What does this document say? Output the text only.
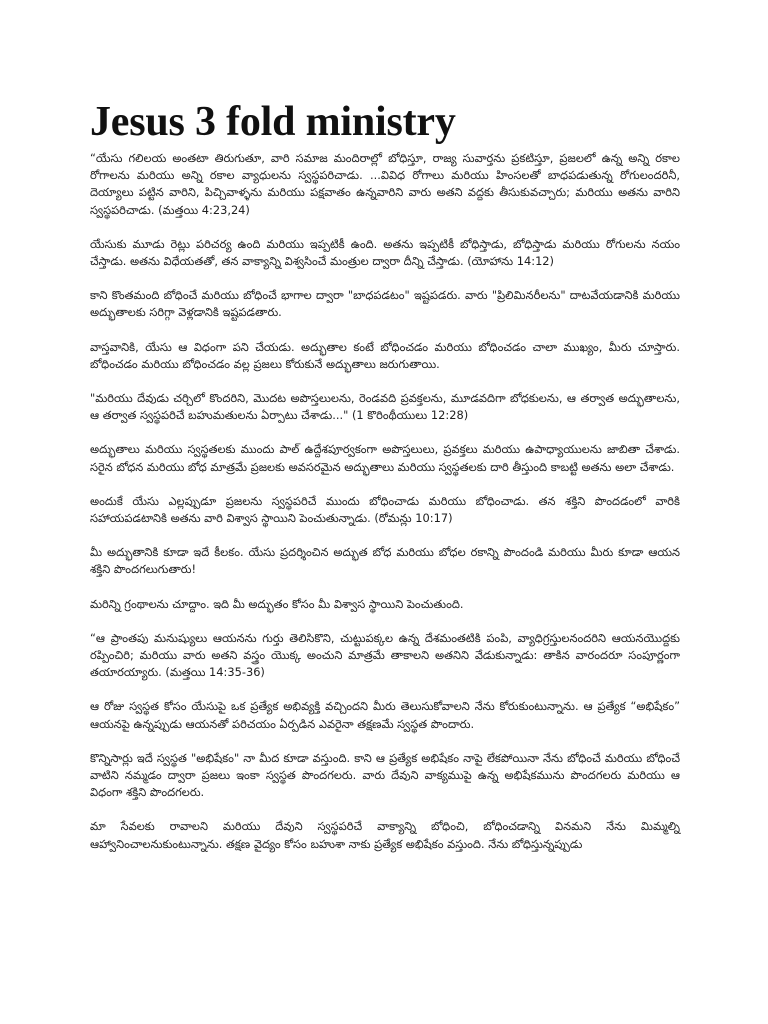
Jesus 3 fold ministry

“యేసు గలిలయ అంతటా తిరుగుతూ, వారి సమాజ మందిరాల్లో బోధిస్తూ, రాజ్య సువార్తను ప్రకటిస్తూ, ప్రజలలో ఉన్న అన్ని రకాల రోగాలను మరియు అన్ని రకాల వ్యాధులను స్వస్థపరిచాడు. ...వివిధ రోగాలు మరియు హింసలతో బాధపడుతున్న రోగులందరినీ, దెయ్యాలు పట్టిన వారిని, పిచ్చివాళ్ళను మరియు పక్షవాతం ఉన్నవారిని వారు అతని వద్దకు తీసుకువచ్చారు; మరియు అతను వారిని స్వస్థపరిచాడు. (మత్తయి 4:23,24)

యేసుకు మూడు రెట్లు పరిచర్య ఉంది మరియు ఇప్పటికీ ఉంది. అతను ఇప్పటికీ బోధిస్తాడు, బోధిస్తాడు మరియు రోగులను నయం చేస్తాడు. అతను విధేయతతో, తన వాక్యాన్ని విశ్వసించే మంత్రుల ద్వారా దీన్ని చేస్తాడు. (యోహాను 14:12)

కాని కొంతమంది బోధించే మరియు బోధించే భాగాల ద్వారా "బాధపడటం" ఇష్టపడరు. వారు "ప్రిలిమినరీలను" దాటవేయడానికి మరియు అద్భుతాలకు సరిగ్గా వెళ్లడానికి ఇష్టపడతారు.

వాస్తవానికి, యేసు ఆ విధంగా పని చేయడు. అద్భుతాల కంటే బోధించడం మరియు బోధించడం చాలా ముఖ్యం, మీరు చూస్తారు. బోధించడం మరియు బోధించడం వల్ల ప్రజలు కోరుకునే అద్భుతాలు జరుగుతాయి.

"మరియు దేవుడు చర్చిలో కొందరిని, మొదట అపొస్తలులను, రెండవది ప్రవక్తలను, మూడవదిగా బోధకులను, ఆ తర్వాత అద్భుతాలను, ఆ తర్వాత స్వస్థపరిచే బహుమతులను ఏర్పాటు చేశాడు..." (1 కొరింథీయులు 12:28)

అద్భుతాలు మరియు స్వస్థతలకు ముందు పాల్ ఉద్దేశపూర్వకంగా అపొస్తలులు, ప్రవక్తలు మరియు ఉపాధ్యాయులను జాబితా చేశాడు. సరైన బోధన మరియు బోధ మాత్రమే ప్రజలకు అవసరమైన అద్భుతాలు మరియు స్వస్థతలకు దారి తీస్తుంది కాబట్టి అతను అలా చేశాడు.

అందుకే యేసు ఎల్లప్పుడూ ప్రజలను స్వస్థపరిచే ముందు బోధించాడు మరియు బోధించాడు. తన శక్తిని పొందడంలో వారికి సహాయపడటానికి అతను వారి విశ్వాస స్థాయిని పెంచుతున్నాడు. (రోమన్లు 10:17)

మీ అద్భుతానికి కూడా ఇదే కీలకం. యేసు ప్రదర్శించిన అద్భుత బోధ మరియు బోధల రకాన్ని పొందండి మరియు మీరు కూడా ఆయన శక్తిని పొందగలుగుతారు!

మరిన్ని గ్రంథాలను చూద్దాం. ఇది మీ అద్భుతం కోసం మీ విశ్వాస స్థాయిని పెంచుతుంది.

“ఆ ప్రాంతపు మనుష్యులు ఆయనను గుర్తు తెలిసికొని, చుట్టుపక్కల ఉన్న దేశమంతటికి పంపి, వ్యాధిగ్రస్తులనందరిని ఆయనయొద్దకు రప్పించిరి; మరియు వారు అతని వస్త్రం యొక్క అంచుని మాత్రమే తాకాలని అతనిని వేడుకున్నాడు: తాకిన వారందరూ సంపూర్ణంగా తయారయ్యారు. (మత్తయి 14:35-36)

ఆ రోజు స్వస్థత కోసం యేసుపై ఒక ప్రత్యేక అభివ్యక్తి వచ్చిందని మీరు తెలుసుకోవాలని నేను కోరుకుంటున్నాను. ఆ ప్రత్యేక “అభిషేకం” ఆయనపై ఉన్నప్పుడు ఆయనతో పరిచయం ఏర్పడిన ఎవరైనా తక్షణమే స్వస్థత పొందారు.

కొన్నిసార్లు ఇదే స్వస్థత "అభిషేకం" నా మీద కూడా వస్తుంది. కాని ఆ ప్రత్యేక అభిషేకం నాపై లేకపోయినా నేను బోధించే మరియు బోధించే వాటిని నమ్మడం ద్వారా ప్రజలు ఇంకా స్వస్థత పొందగలరు. వారు దేవుని వాక్యముపై ఉన్న అభిషేకమును పొందగలరు మరియు ఆ విధంగా శక్తిని పొందగలరు.

మా సేవలకు రావాలని మరియు దేవుని స్వస్థపరిచే వాక్యాన్ని బోధించి, బోధించడాన్ని వినమని నేను మిమ్మల్ని ఆహ్వానించాలనుకుంటున్నాను. తక్షణ వైద్యం కోసం బహుశా నాకు ప్రత్యేక అభిషేకం వస్తుంది. నేను బోధిస్తున్నప్పుడు
